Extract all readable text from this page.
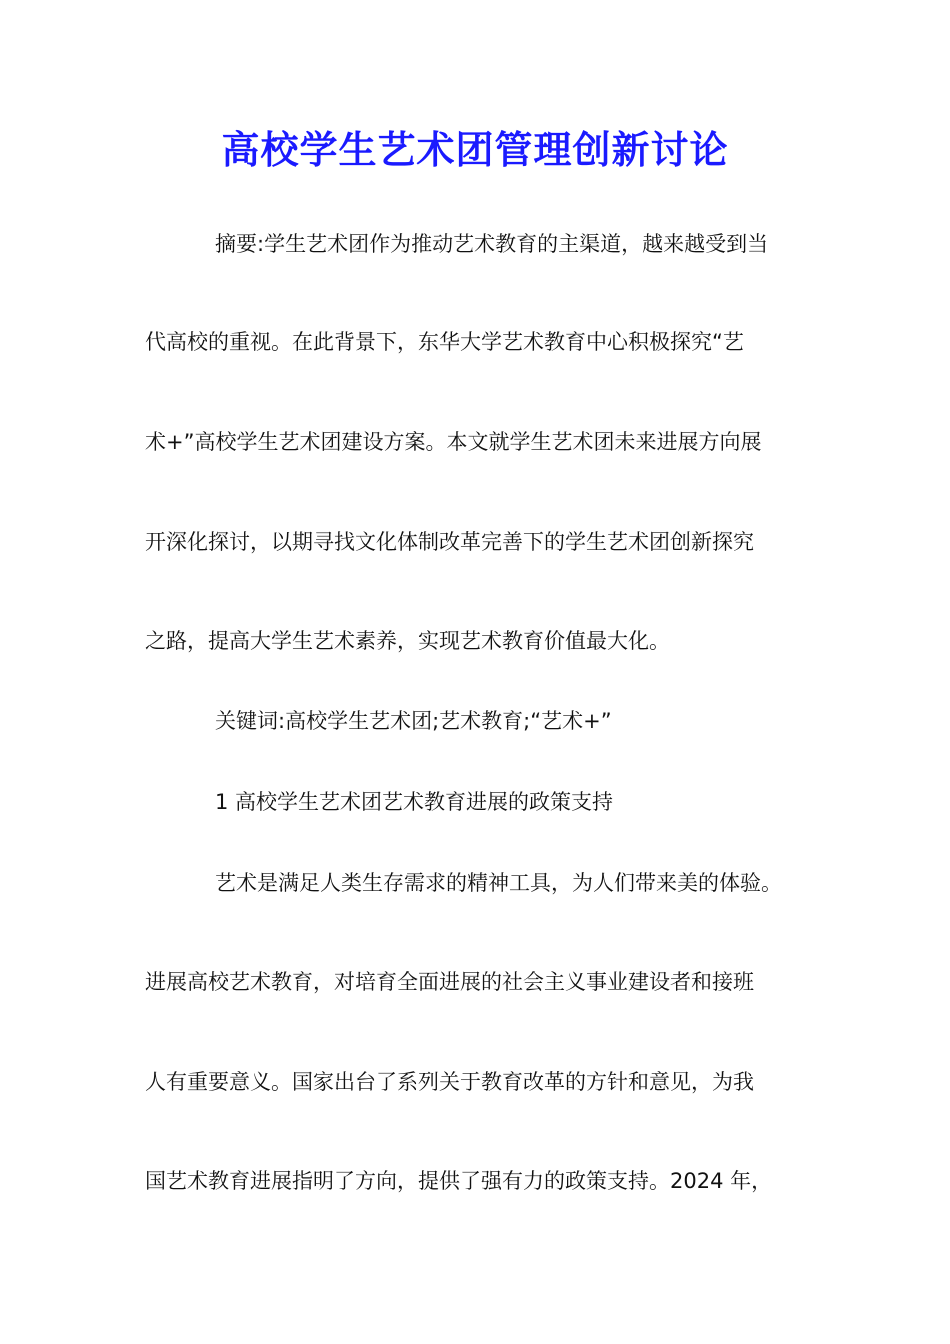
高校学生艺术团管理创新讨论
摘要:学生艺术团作为推动艺术教育的主渠道，越来越受到当
代高校的重视。在此背景下，东华大学艺术教育中心积极探究“艺
术+”高校学生艺术团建设方案。本文就学生艺术团未来进展方向展
开深化探讨，以期寻找文化体制改革完善下的学生艺术团创新探究
之路，提高大学生艺术素养，实现艺术教育价值最大化。
关键词:高校学生艺术团;艺术教育;“艺术+”
1 高校学生艺术团艺术教育进展的政策支持
艺术是满足人类生存需求的精神工具，为人们带来美的体验。
进展高校艺术教育，对培育全面进展的社会主义事业建设者和接班
人有重要意义。国家出台了系列关于教育改革的方针和意见，为我
国艺术教育进展指明了方向，提供了强有力的政策支持。2024 年，
